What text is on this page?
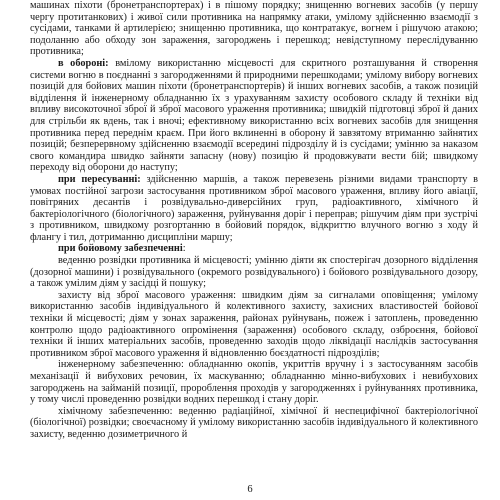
машинах піхоти (бронетранспортерах) і в пішому порядку; знищенню вогневих засобів (у першу чергу протитанкових) і живої сили противника на напрямку атаки, умілому здійсненню взаємодії з сусідами, танками й артилерією; знищенню противника, що контратакує, вогнем і рішучою атакою; подоланню або обходу зон зараження, загороджень і перешкод; невідступному переслідуванню противника;

в обороні: вмілому використанню місцевості для скритного розташування й створення системи вогню в поєднанні з загородженнями й природними перешкодами; умілому вибору вогневих позицій для бойових машин піхоти (бронетранспортерів) й інших вогневих засобів, а також позицій відділення й інженерному обладнанню їх з урахуванням захисту особового складу й техніки від впливу високоточної зброї й зброї масового ураження противника; швидкій підготовці зброї й даних для стрільби як вдень, так і вночі; ефективному використанню всіх вогневих засобів для знищення противника перед переднім краєм. При його вклиненні в оборону й завзятому втриманню зайнятих позицій; безперервному здійсненню взаємодії всередині підрозділу й із сусідами; умінню за наказом свого командира швидко зайняти запасну (нову) позицію й продовжувати вести бій; швидкому переходу від оборони до наступу;

при пересуванні: здійсненню маршів, а також перевезень різними видами транспорту в умовах постійної загрози застосування противником зброї масового ураження, впливу його авіації, повітряних десантів і розвідувально-диверсійних груп, радіоактивного, хімічного й бактеріологічного (біологічного) зараження, руйнування доріг і переправ; рішучим діям при зустрічі з противником, швидкому розгортанню в бойовий порядок, відкриттю влучного вогню з ходу й флангу і тил, дотриманню дисципліни маршу;

при бойовому забезпеченні:

веденню розвідки противника й місцевості; умінню діяти як спостерігач дозорного відділення (дозорної машини) і розвідувального (окремого розвідувального) і бойового розвідувального дозору, а також умілим діям у засідці й пошуку;

захисту від зброї масового ураження: швидким діям за сигналами оповіщення; умілому використанню засобів індивідуального й колективного захисту, захисних властивостей бойової техніки й місцевості; діям у зонах зараження, районах руйнувань, пожеж і затоплень, проведенню контролю щодо радіоактивного опромінення (зараження) особового складу, озброєння, бойової техніки й інших матеріальних засобів, проведенню заходів щодо ліквідації наслідків застосування противником зброї масового ураження й відновленню боєздатності підрозділів;

інженерному забезпеченню: обладнанню окопів, укриттів вручну і з застосуванням засобів механізації й вибухових речовин, їх маскуванню; обладнанню мінно-вибухових і невибухових загороджень на займаній позиції, пророблення проходів у загородженнях і руйнуваннях противника, у тому числі проведенню розвідки водних перешкод і стану доріг.

хімічному забезпеченню: веденню радіаційної, хімічної й неспецифічної бактеріологічної (біологічної) розвідки; своєчасному й умілому використанню засобів індивідуального й колективного захисту, веденню дозиметричного й

6
